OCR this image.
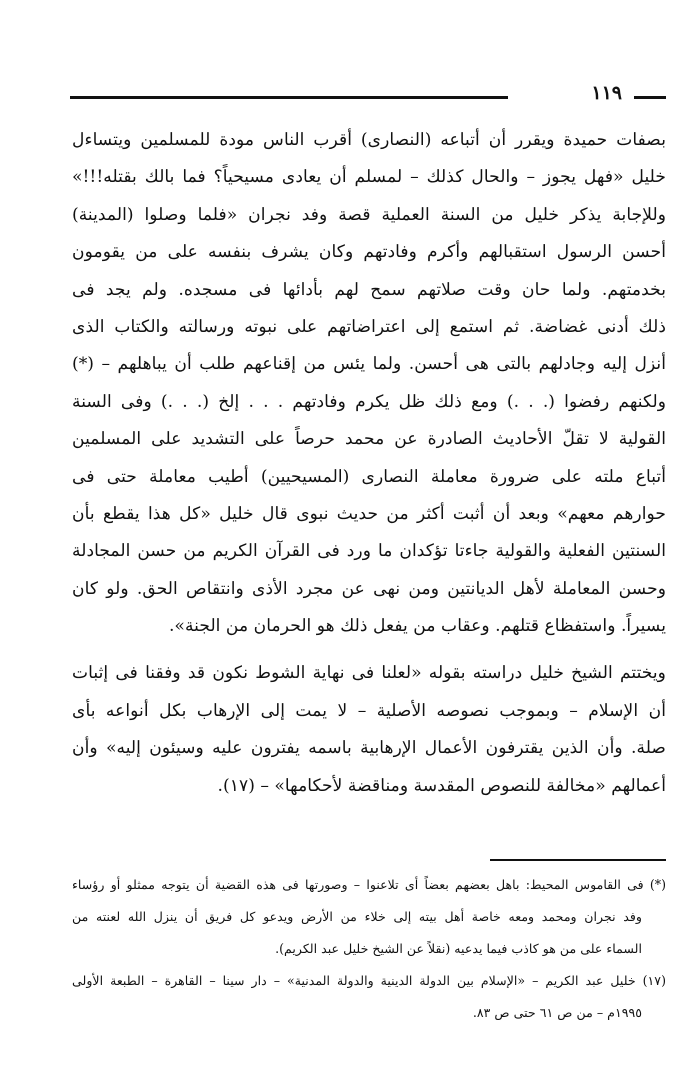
١١٩
بصفات حميدة ويقرر أن أتباعه (النصارى) أقرب الناس مودة للمسلمين ويتساءل
خليل «فهل يجوز – والحال كذلك – لمسلم أن يعادى مسيحياً؟ فما بالك بقتله!!!»
وللإجابة يذكر خليل من السنة العملية قصة وفد نجران «فلما وصلوا (المدينة)
أحسن الرسول استقبالهم وأكرم وفادتهم وكان يشرف بنفسه على من يقومون
بخدمتهم. ولما حان وقت صلاتهم سمح لهم بأدائها فى مسجده. ولم يجد فى
ذلك أدنى غضاضة. ثم استمع إلى اعتراضاتهم على نبوته ورسالته والكتاب الذى
أنزل إليه وجادلهم بالتى هى أحسن. ولما يئس من إقناعهم طلب أن يباهلهم – (*)
ولكنهم رفضوا (. . .) ومع ذلك ظل يكرم وفادتهم . . . إلخ (. . .) وفى السنة
القولية لا تقلّ الأحاديث الصادرة عن محمد حرصاً على التشديد على المسلمين
أتباع ملته على ضرورة معاملة النصارى (المسيحيين) أطيب معاملة حتى فى
حوارهم معهم» وبعد أن أثبت أكثر من حديث نبوى قال خليل «كل هذا يقطع بأن
السنتين الفعلية والقولية جاءتا تؤكدان ما ورد فى القرآن الكريم من حسن المجادلة
وحسن المعاملة لأهل الديانتين ومن نهى عن مجرد الأذى وانتقاص الحق. ولو كان
يسيراً. واستفظاع قتلهم. وعقاب من يفعل ذلك هو الحرمان من الجنة».
ويختتم الشيخ خليل دراسته بقوله «لعلنا فى نهاية الشوط نكون قد وفقنا فى إثبات
أن الإسلام – وبموجب نصوصه الأصلية – لا يمت إلى الإرهاب بكل أنواعه بأى
صلة. وأن الذين يقترفون الأعمال الإرهابية باسمه يفترون عليه وسيئون إليه» وأن
أعمالهم «مخالفة للنصوص المقدسة ومناقضة لأحكامها» – (١٧).
(*) فى القاموس المحيط: باهل بعضهم بعضاً أى تلاعنوا – وصورتها فى هذه القضية أن يتوجه ممثلو أو رؤساء
وفد نجران ومحمد ومعه خاصة أهل بيته إلى خلاء من الأرض ويدعو كل فريق أن ينزل الله لعنته من
السماء على من هو كاذب فيما يدعيه (نقلاً عن الشيخ خليل عبد الكريم).
(١٧) خليل عبد الكريم – «الإسلام بين الدولة الدينية والدولة المدنية» – دار سينا – القاهرة – الطبعة الأولى
١٩٩٥م – من ص ٦١ حتى ص ٨٣.
